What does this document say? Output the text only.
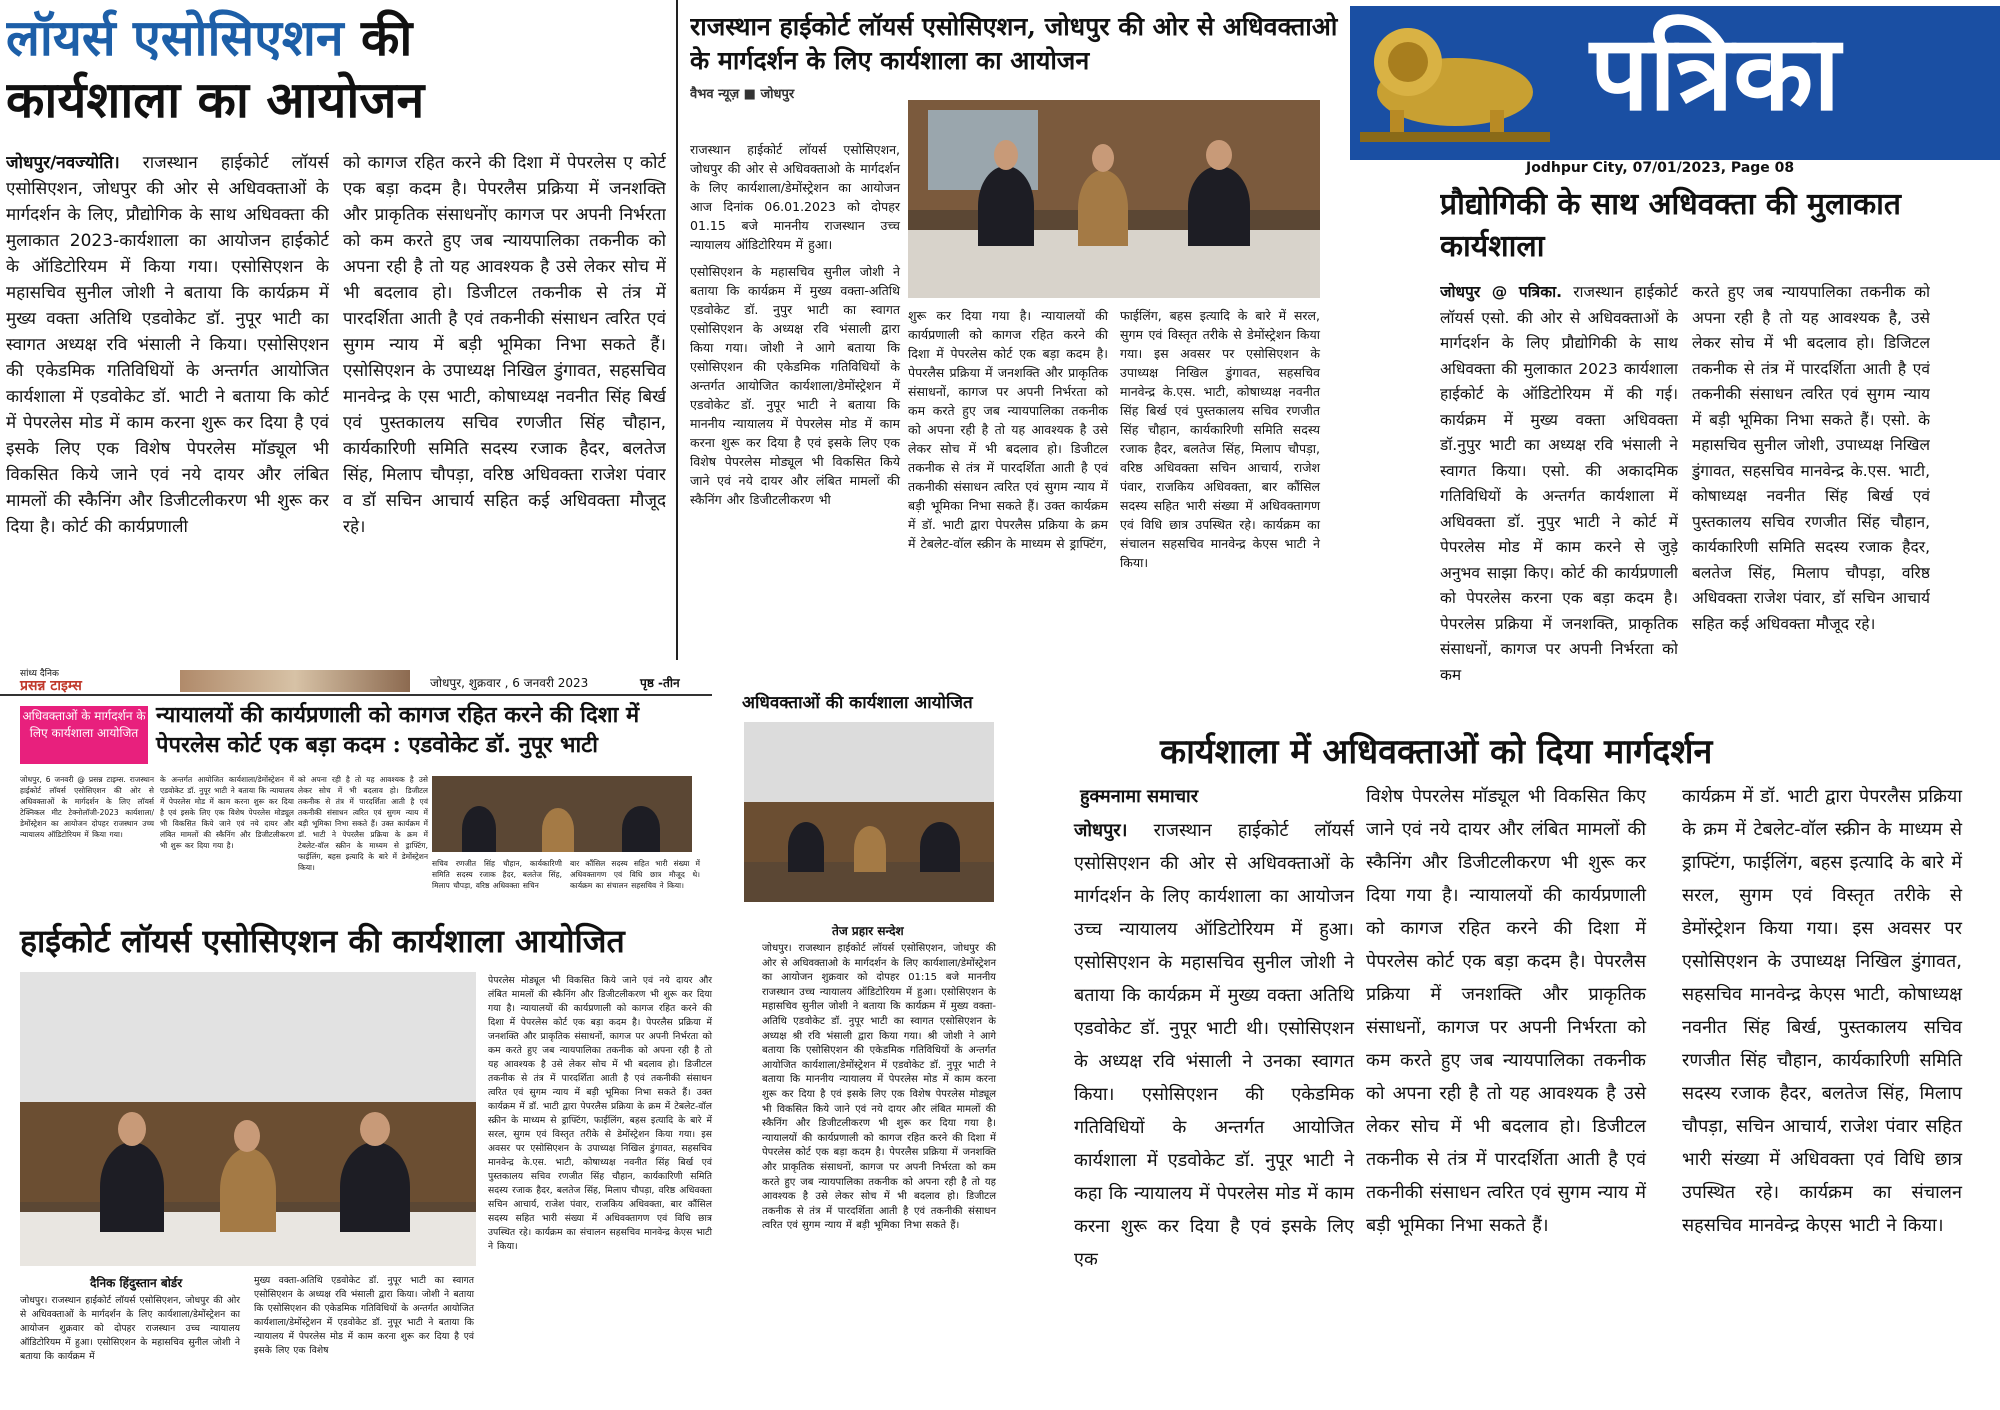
लॉयर्स एसोसिएशन की
कार्यशाला का आयोजन

जोधपुर/नवज्योति। राजस्थान हाईकोर्ट लॉयर्स एसोसिएशन, जोधपुर की ओर से अधिवक्ताओं के मार्गदर्शन के लिए, प्रौद्योगिक के साथ अधिवक्ता की मुलाकात 2023-कार्यशाला का आयोजन हाईकोर्ट के ऑडिटोरियम में किया गया। एसोसिएशन के महासचिव सुनील जोशी ने बताया कि कार्यक्रम में मुख्य वक्ता अतिथि एडवोकेट डॉ. नुपूर भाटी का स्वागत अध्यक्ष रवि भंसाली ने किया। एसोसिएशन की एकेडमिक गतिविधियों के अन्तर्गत आयोजित कार्यशाला में एडवोकेट डॉ. भाटी ने बताया कि कोर्ट में पेपरलेस मोड में काम करना शुरू कर दिया है एवं इसके लिए एक विशेष पेपरलेस मॉड्यूल भी विकसित किये जाने एवं नये दायर और लंबित मामलों की स्कैनिंग और डिजीटलीकरण भी शुरू कर दिया है। कोर्ट की कार्यप्रणाली

को कागज रहित करने की दिशा में पेपरलेस ए कोर्ट एक बड़ा कदम है। पेपरलैस प्रक्रिया में जनशक्ति और प्राकृतिक संसाधनोंए कागज पर अपनी निर्भरता को कम करते हुए जब न्यायपालिका तकनीक को अपना रही है तो यह आवश्यक है उसे लेकर सोच में भी बदलाव हो। डिजीटल तकनीक से तंत्र में पारदर्शिता आती है एवं तकनीकी संसाधन त्वरित एवं सुगम न्याय में बड़ी भूमिका निभा सकते हैं। एसोसिएशन के उपाध्यक्ष निखिल डुंगावत, सहसचिव मानवेन्द्र के एस भाटी, कोषाध्यक्ष नवनीत सिंह बिर्ख एवं पुस्तकालय सचिव रणजीत सिंह चौहान, कार्यकारिणी समिति सदस्य रजाक हैदर, बलतेज सिंह, मिलाप चौपड़ा, वरिष्ठ अधिवक्ता राजेश पंवार व डॉ सचिन आचार्य सहित कई अधिवक्ता मौजूद रहे।

राजस्थान हाईकोर्ट लॉयर्स एसोसिएशन, जोधपुर की ओर से अधिवक्ताओ के मार्गदर्शन के लिए कार्यशाला का आयोजन
वैभव न्यूज़ ■ जोधपुर

राजस्थान हाईकोर्ट लॉयर्स एसोसिएशन, जोधपुर की ओर से अधिवक्ताओ के मार्गदर्शन के लिए कार्यशाला/डेमोंस्ट्रेशन का आयोजन आज दिनांक 06.01.2023 को दोपहर 01.15 बजे माननीय राजस्थान उच्च न्यायालय ऑडिटोरियम में हुआ।

एसोसिएशन के महासचिव सुनील जोशी ने बताया कि कार्यक्रम में मुख्य वक्ता-अतिथि एडवोकेट डॉ. नुपुर भाटी का स्वागत एसोसिएशन के अध्यक्ष रवि भंसाली द्वारा किया गया। जोशी ने आगे बताया कि एसोसिएशन की एकेडमिक गतिविधियों के अन्तर्गत आयोजित कार्यशाला/डेमोंस्ट्रेशन में एडवोकेट डॉ. नुपूर भाटी ने बताया कि माननीय न्यायालय में पेपरलेस मोड में काम करना शुरू कर दिया है एवं इसके लिए एक विशेष पेपरलेस मोड्यूल भी विकसित किये जाने एवं नये दायर और लंबित मामलों की स्कैनिंग और डिजीटलीकरण भी

शुरू कर दिया गया है। न्यायालयों की कार्यप्रणाली को कागज रहित करने की दिशा में पेपरलेस कोर्ट एक बड़ा कदम है। पेपरलैस प्रक्रिया में जनशक्ति और प्राकृतिक संसाधनों, कागज पर अपनी निर्भरता को कम करते हुए जब न्यायपालिका तकनीक को अपना रही है तो यह आवश्यक है उसे लेकर सोच में भी बदलाव हो। डिजीटल तकनीक से तंत्र में पारदर्शिता आती है एवं तकनीकी संसाधन त्वरित एवं सुगम न्याय में बड़ी भूमिका निभा सकते हैं। उक्त कार्यक्रम में डॉ. भाटी द्वारा पेपरलैस प्रक्रिया के क्रम में टेबलेट-वॉल स्क्रीन के माध्यम से ड्राफ्टिंग,

फाईलिंग, बहस इत्यादि के बारे में सरल, सुगम एवं विस्तृत तरीके से डेमोंस्ट्रेशन किया गया। इस अवसर पर एसोसिएशन के उपाध्यक्ष निखिल डुंगावत, सहसचिव मानवेन्द्र के.एस. भाटी, कोषाध्यक्ष नवनीत सिंह बिर्ख एवं पुस्तकालय सचिव रणजीत सिंह चौहान, कार्यकारिणी समिति सदस्य रजाक हैदर, बलतेज सिंह, मिलाप चौपड़ा, वरिष्ठ अधिवक्ता सचिन आचार्य, राजेश पंवार, राजकिय अधिवक्ता, बार कौंसिल सदस्य सहित भारी संख्या में अधिवक्तागण एवं विधि छात्र उपस्थित रहे। कार्यक्रम का संचालन सहसचिव मानवेन्द्र केएस भाटी ने किया।

पत्रिका
Jodhpur City, 07/01/2023, Page 08
प्रौद्योगिकी के साथ अधिवक्ता की मुलाकात कार्यशाला

जोधपुर @ पत्रिका. राजस्थान हाईकोर्ट लॉयर्स एसो. की ओर से अधिवक्ताओं के मार्गदर्शन के लिए प्रौद्योगिकी के साथ अधिवक्ता की मुलाकात 2023 कार्यशाला हाईकोर्ट के ऑडिटोरियम में की गई। कार्यक्रम में मुख्य वक्ता अधिवक्ता डॉ.नुपुर भाटी का अध्यक्ष रवि भंसाली ने स्वागत किया। एसो. की अकादमिक गतिविधियों के अन्तर्गत कार्यशाला में अधिवक्ता डॉ. नुपुर भाटी ने कोर्ट में पेपरलेस मोड में काम करने से जुड़े अनुभव साझा किए। कोर्ट की कार्यप्रणाली को पेपरलेस करना एक बड़ा कदम है। पेपरलेस प्रक्रिया में जनशक्ति, प्राकृतिक संसाधनों, कागज पर अपनी निर्भरता को कम

करते हुए जब न्यायपालिका तकनीक को अपना रही है तो यह आवश्यक है, उसे लेकर सोच में भी बदलाव हो। डिजिटल तकनीक से तंत्र में पारदर्शिता आती है एवं तकनीकी संसाधन त्वरित एवं सुगम न्याय में बड़ी भूमिका निभा सकते हैं। एसो. के महासचिव सुनील जोशी, उपाध्यक्ष निखिल डुंगावत, सहसचिव मानवेन्द्र के.एस. भाटी, कोषाध्यक्ष नवनीत सिंह बिर्ख एवं पुस्तकालय सचिव रणजीत सिंह चौहान, कार्यकारिणी समिति सदस्य रजाक हैदर, बलतेज सिंह, मिलाप चौपड़ा, वरिष्ठ अधिवक्ता राजेश पंवार, डॉ सचिन आचार्य सहित कई अधिवक्ता मौजूद रहे।

सांध्य दैनिक
प्रसन्न टाइम्स	जोधपुर, शुक्रवार , 6 जनवरी 2023	पृष्ठ -तीन
अधिवक्ताओं के मार्गदर्शन के लिए कार्यशाला आयोजित
न्यायालयों की कार्यप्रणाली को कागज रहित करने की दिशा में पेपरलेस कोर्ट एक बड़ा कदम : एडवोकेट डॉ. नुपूर भाटी

जोधपुर, 6 जनवरी @ प्रसन्न टाइम्स. राजस्थान हाईकोर्ट लॉयर्स एसोसिएशन की ओर से अधिवक्ताओं के मार्गदर्शन के लिए लॉयर्स टेक्निकल मीट टेक्नोलॉजी-2023 कार्यशाला/डेमोंस्ट्रेशन का आयोजन दोपहर राजस्थान उच्च न्यायालय ऑडिटोरियम में किया गया।

के अन्तर्गत आयोजित कार्यशाला/डेमोंस्ट्रेशन में एडवोकेट डॉ. नुपूर भाटी ने बताया कि न्यायालय में पेपरलेस मोड में काम करना शुरू कर दिया है एवं इसके लिए एक विशेष पेपरलेस मोड्यूल भी विकसित किये जाने एवं नये दायर और लंबित मामलों की स्कैनिंग और डिजीटलीकरण भी शुरू कर दिया गया है।

को अपना रही है तो यह आवश्यक है उसे लेकर सोच में भी बदलाव हो। डिजीटल तकनीक से तंत्र में पारदर्शिता आती है एवं तकनीकी संसाधन त्वरित एवं सुगम न्याय में बड़ी भूमिका निभा सकते हैं। उक्त कार्यक्रम में डॉ. भाटी ने पेपरलैस प्रक्रिया के क्रम में टेबलेट-वॉल स्क्रीन के माध्यम से ड्राफ्टिंग, फाईलिंग, बहस इत्यादि के बारे में डेमोंस्ट्रेशन किया।	सचिव रणजीत सिंह चौहान, कार्यकारिणी समिति सदस्य रजाक हैदर, बलतेज सिंह, मिलाप चौपड़ा, वरिष्ठ अधिवक्ता सचिन

बार कौंसिल सदस्य सहित भारी संख्या में अधिवक्तागण एवं विधि छात्र मौजूद थे। कार्यक्रम का संचालन सहसचिव ने किया।

हाईकोर्ट लॉयर्स एसोसिएशन की कार्यशाला आयोजित

पेपरलेस मोड्यूल भी विकसित किये जाने एवं नये दायर और लंबित मामलों की स्कैनिंग और डिजीटलीकरण भी शुरू कर दिया गया है। न्यायालयों की कार्यप्रणाली को कागज रहित करने की दिशा में पेपरलेस कोर्ट एक बड़ा कदम है। पेपरलैस प्रक्रिया में जनशक्ति और प्राकृतिक संसाधनों, कागज पर अपनी निर्भरता को कम करते हुए जब न्यायपालिका तकनीक को अपना रही है तो यह आवश्यक है उसे लेकर सोच में भी बदलाव हो। डिजीटल तकनीक से तंत्र में पारदर्शिता आती है एवं तकनीकी संसाधन त्वरित एवं सुगम न्याय में बड़ी भूमिका निभा सकते हैं। उक्त कार्यक्रम में डॉ. भाटी द्वारा पेपरलैस प्रक्रिया के क्रम में टेबलेट-वॉल स्क्रीन के माध्यम से ड्राफ्टिंग, फाईलिंग, बहस इत्यादि के बारे में सरल, सुगम एवं विस्तृत तरीके से डेमोंस्ट्रेशन किया गया। इस अवसर पर एसोसिएशन के उपाध्यक्ष निखिल डुंगावत, सहसचिव मानवेन्द्र के.एस. भाटी, कोषाध्यक्ष नवनीत सिंह बिर्ख एवं पुस्तकालय सचिव रणजीत सिंह चौहान, कार्यकारिणी समिति सदस्य रजाक हैदर, बलतेज सिंह, मिलाप चौपड़ा, वरिष्ठ अधिवक्ता सचिन आचार्य, राजेश पंवार, राजकिय अधिवक्ता, बार कौंसिल सदस्य सहित भारी संख्या में अधिवक्तागण एवं विधि छात्र उपस्थित रहे। कार्यक्रम का संचालन सहसचिव मानवेन्द्र केएस भाटी ने किया।

दैनिक हिंदुस्तान बोर्डर

जोधपुर। राजस्थान हाईकोर्ट लॉयर्स एसोसिएशन, जोधपुर की ओर से अधिवक्ताओं के मार्गदर्शन के लिए कार्यशाला/डेमोंस्ट्रेशन का आयोजन शुक्रवार को दोपहर राजस्थान उच्च न्यायालय ऑडिटोरियम में हुआ। एसोसिएशन के महासचिव सुनील जोशी ने बताया कि कार्यक्रम में

मुख्य वक्ता-अतिथि एडवोकेट डॉ. नुपूर भाटी का स्वागत एसोसिएशन के अध्यक्ष रवि भंसाली द्वारा किया। जोशी ने बताया कि एसोसिएशन की एकेडमिक गतिविधियों के अन्तर्गत आयोजित कार्यशाला/डेमोंस्ट्रेशन में एडवोकेट डॉ. नुपूर भाटी ने बताया कि न्यायालय में पेपरलेस मोड में काम करना शुरू कर दिया है एवं इसके लिए एक विशेष

अधिवक्ताओं की कार्यशाला आयोजित
तेज प्रहार सन्देश

जोधपुर। राजस्थान हाईकोर्ट लॉयर्स एसोसिएशन, जोधपुर की ओर से अधिवक्ताओ के मार्गदर्शन के लिए कार्यशाला/डेमोंस्ट्रेशन का आयोजन शुक्रवार को दोपहर 01:15 बजे माननीय राजस्थान उच्च न्यायालय ऑडिटोरियम में हुआ। एसोसिएशन के महासचिव सुनील जोशी ने बताया कि कार्यक्रम में मुख्य वक्ता-अतिथि एडवोकेट डॉ. नुपूर भाटी का स्वागत एसोसिएशन के अध्यक्ष श्री रवि भंसाली द्वारा किया गया। श्री जोशी ने आगे बताया कि एसोसिएशन की एकेडमिक गतिविधियों के अन्तर्गत आयोजित कार्यशाला/डेमोंस्ट्रेशन में एडवोकेट डॉ. नुपूर भाटी ने बताया कि माननीय न्यायालय में पेपरलेस मोड में काम करना शुरू कर दिया है एवं इसके लिए एक विशेष पेपरलेस मोड्यूल भी विकसित किये जाने एवं नये दायर और लंबित मामलों की स्कैनिंग और डिजीटलीकरण भी शुरू कर दिया गया है। न्यायालयों की कार्यप्रणाली को कागज रहित करने की दिशा में पेपरलेस कोर्ट एक बड़ा कदम है। पेपरलैस प्रक्रिया में जनशक्ति और प्राकृतिक संसाधनों, कागज पर अपनी निर्भरता को कम करते हुए जब न्यायपालिका तकनीक को अपना रही है तो यह आवश्यक है उसे लेकर सोच में भी बदलाव हो। डिजीटल तकनीक से तंत्र में पारदर्शिता आती है एवं तकनीकी संसाधन त्वरित एवं सुगम न्याय में बड़ी भूमिका निभा सकते हैं।

कार्यशाला में अधिवक्ताओं को दिया मार्गदर्शन
हुक्मनामा समाचार

जोधपुर। राजस्थान हाईकोर्ट लॉयर्स एसोसिएशन की ओर से अधिवक्ताओं के मार्गदर्शन के लिए कार्यशाला का आयोजन उच्च न्यायालय ऑडिटोरियम में हुआ। एसोसिएशन के महासचिव सुनील जोशी ने बताया कि कार्यक्रम में मुख्य वक्ता अतिथि एडवोकेट डॉ. नुपूर भाटी थी। एसोसिएशन के अध्यक्ष रवि भंसाली ने उनका स्वागत किया। एसोसिएशन की एकेडमिक गतिविधियों के अन्तर्गत आयोजित कार्यशाला में एडवोकेट डॉ. नुपूर भाटी ने कहा कि न्यायालय में पेपरलेस मोड में काम करना शुरू कर दिया है एवं इसके लिए एक

विशेष पेपरलेस मॉड्यूल भी विकसित किए जाने एवं नये दायर और लंबित मामलों की स्कैनिंग और डिजीटलीकरण भी शुरू कर दिया गया है। न्यायालयों की कार्यप्रणाली को कागज रहित करने की दिशा में पेपरलेस कोर्ट एक बड़ा कदम है। पेपरलैस प्रक्रिया में जनशक्ति और प्राकृतिक संसाधनों, कागज पर अपनी निर्भरता को कम करते हुए जब न्यायपालिका तकनीक को अपना रही है तो यह आवश्यक है उसे लेकर सोच में भी बदलाव हो। डिजीटल तकनीक से तंत्र में पारदर्शिता आती है एवं तकनीकी संसाधन त्वरित एवं सुगम न्याय में बड़ी भूमिका निभा सकते हैं।

कार्यक्रम में डॉ. भाटी द्वारा पेपरलैस प्रक्रिया के क्रम में टेबलेट-वॉल स्क्रीन के माध्यम से ड्राफ्टिंग, फाईलिंग, बहस इत्यादि के बारे में सरल, सुगम एवं विस्तृत तरीके से डेमोंस्ट्रेशन किया गया। इस अवसर पर एसोसिएशन के उपाध्यक्ष निखिल डुंगावत, सहसचिव मानवेन्द्र केएस भाटी, कोषाध्यक्ष नवनीत सिंह बिर्ख, पुस्तकालय सचिव रणजीत सिंह चौहान, कार्यकारिणी समिति सदस्य रजाक हैदर, बलतेज सिंह, मिलाप चौपड़ा, सचिन आचार्य, राजेश पंवार सहित भारी संख्या में अधिवक्ता एवं विधि छात्र उपस्थित रहे। कार्यक्रम का संचालन सहसचिव मानवेन्द्र केएस भाटी ने किया।
